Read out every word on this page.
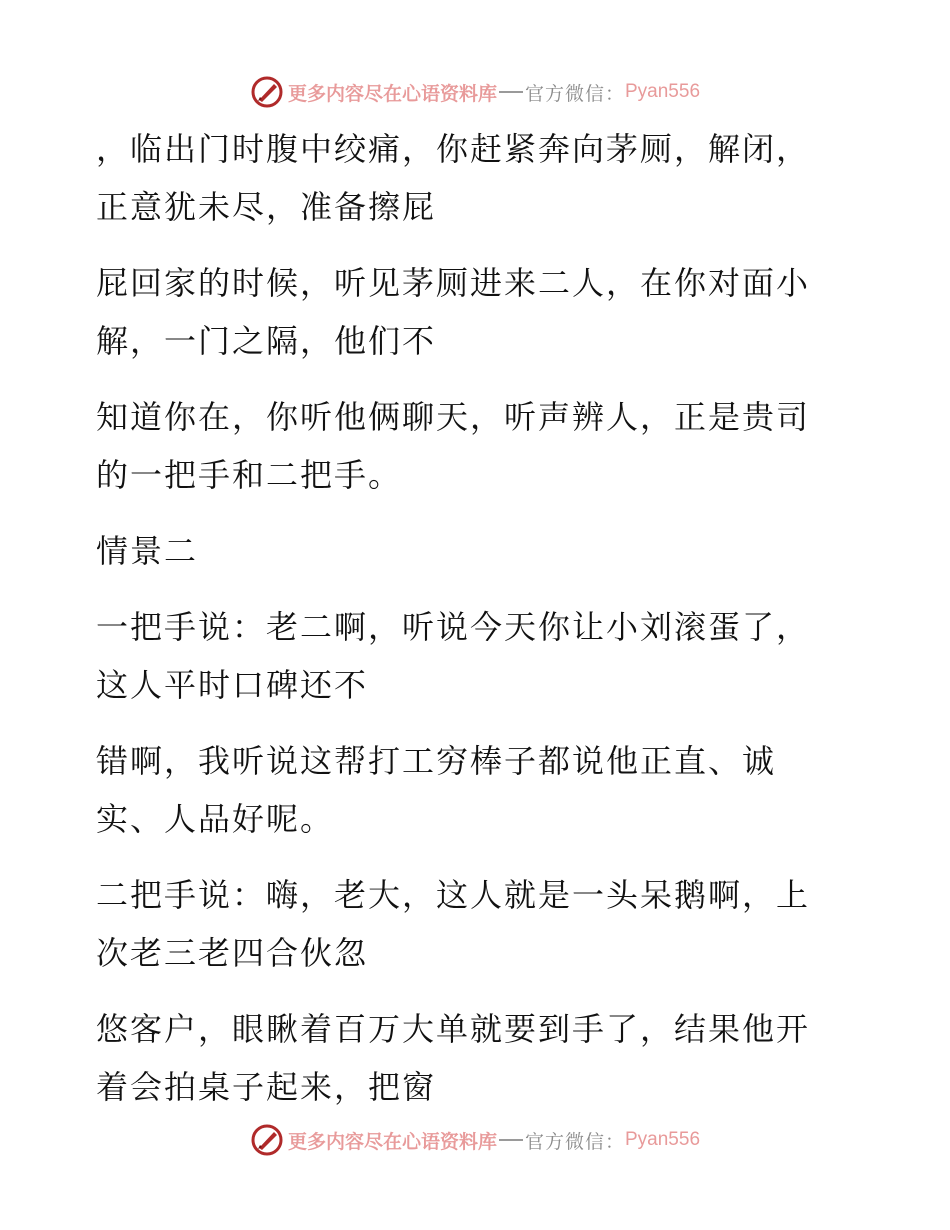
更多内容尽在心语资料库 官方微信： Pyan556

，临出门时腹中绞痛，你赶紧奔向茅厕，解闭，正意犹未尽，准备擦屁

屁回家的时候，听见茅厕进来二人，在你对面小解，一门之隔，他们不

知道你在，你听他俩聊天，听声辨人，正是贵司的一把手和二把手。

情景二

一把手说：老二啊，听说今天你让小刘滚蛋了，这人平时口碑还不

错啊，我听说这帮打工穷棒子都说他正直、诚实、人品好呢。

二把手说：嗨，老大，这人就是一头呆鹅啊，上次老三老四合伙忽

悠客户，眼瞅着百万大单就要到手了，结果他开着会拍桌子起来，把窗

更多内容尽在心语资料库 官方微信： Pyan556
